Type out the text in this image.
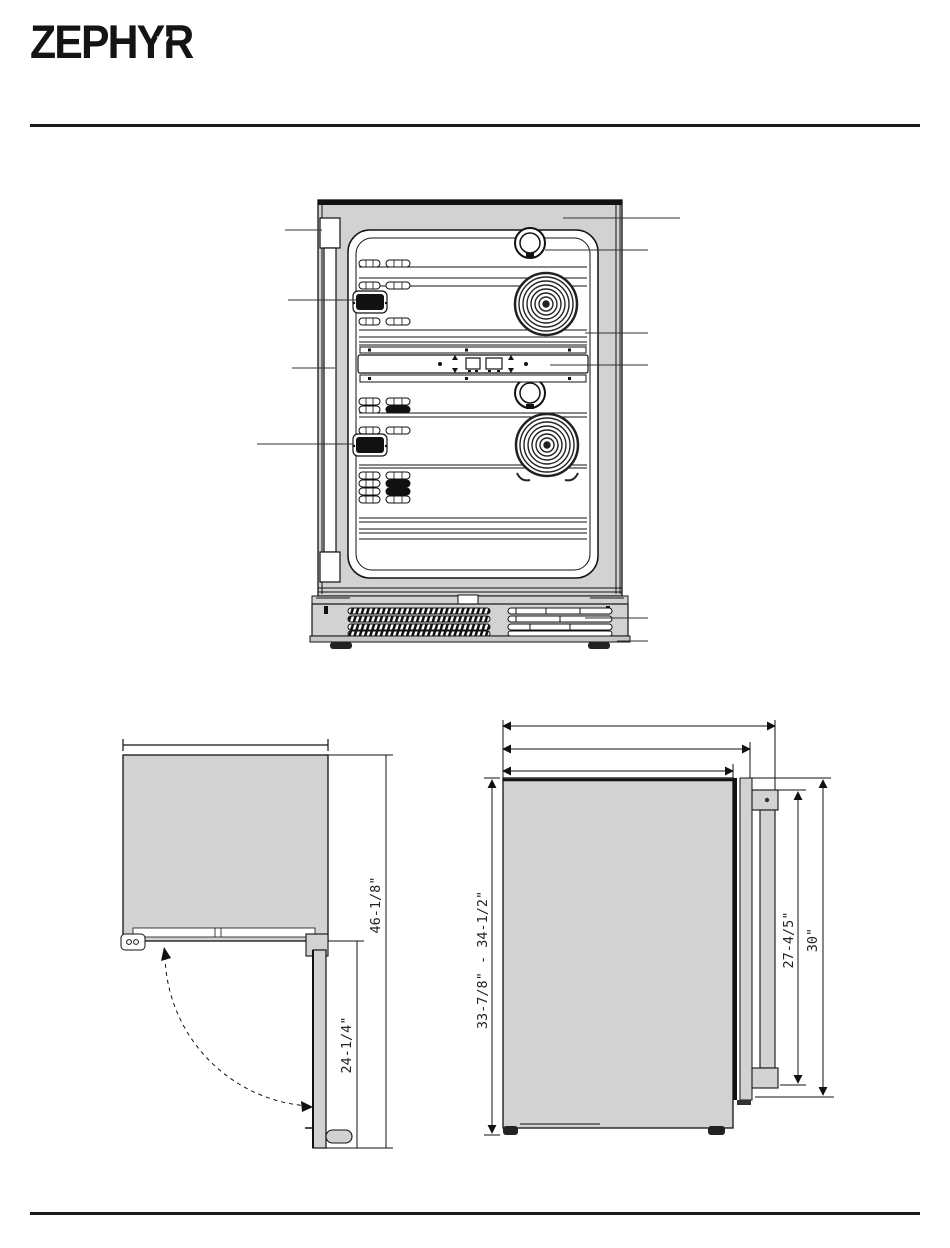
ZEPHYR
24-1/4"
46-1/8"
27-4/5" 30"
33-7/8" - 34-1/2"
